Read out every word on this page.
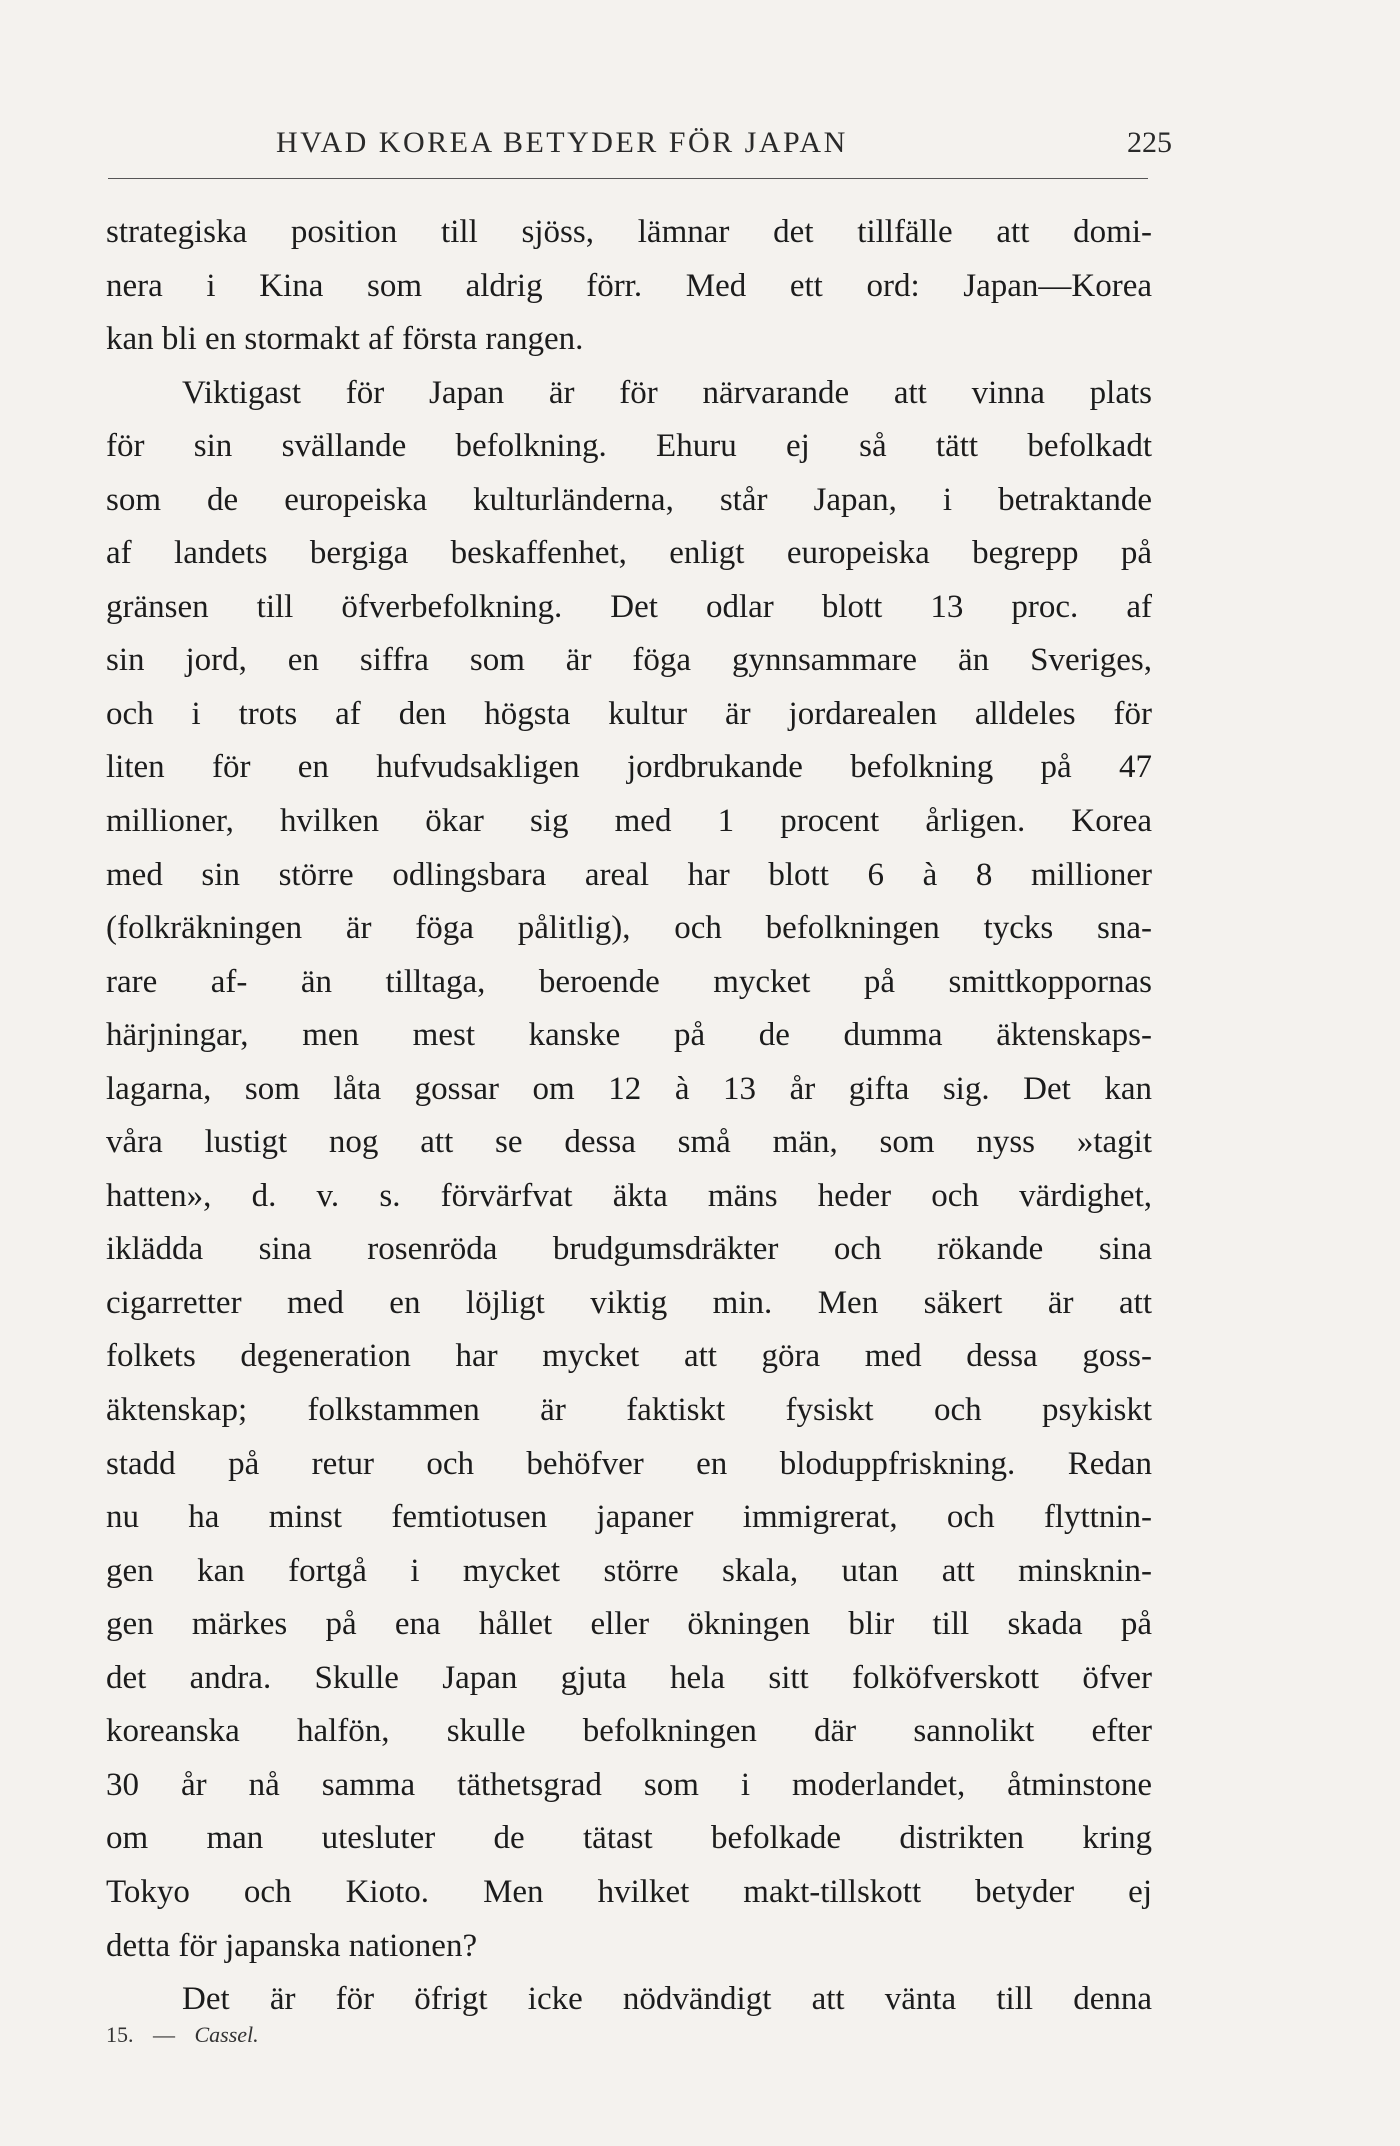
HVAD KOREA BETYDER FÖR JAPAN	225
strategiska position till sjöss, lämnar det tillfälle att domi-
nera i Kina som aldrig förr. Med ett ord: Japan—Korea
kan bli en stormakt af första rangen.
Viktigast för Japan är för närvarande att vinna plats
för sin svällande befolkning. Ehuru ej så tätt befolkadt
som de europeiska kulturländerna, står Japan, i betraktande
af landets bergiga beskaffenhet, enligt europeiska begrepp på
gränsen till öfverbefolkning. Det odlar blott 13 proc. af
sin jord, en siffra som är föga gynnsammare än Sveriges,
och i trots af den högsta kultur är jordarealen alldeles för
liten för en hufvudsakligen jordbrukande befolkning på 47
millioner, hvilken ökar sig med 1 procent årligen. Korea
med sin större odlingsbara areal har blott 6 à 8 millioner
(folkräkningen är föga pålitlig), och befolkningen tycks sna-
rare af- än tilltaga, beroende mycket på smittkoppornas
härjningar, men mest kanske på de dumma äktenskaps-
lagarna, som låta gossar om 12 à 13 år gifta sig. Det kan
våra lustigt nog att se dessa små män, som nyss »tagit
hatten», d. v. s. förvärfvat äkta mäns heder och värdighet,
iklädda sina rosenröda brudgumsdräkter och rökande sina
cigarretter med en löjligt viktig min. Men säkert är att
folkets degeneration har mycket att göra med dessa goss-
äktenskap; folkstammen är faktiskt fysiskt och psykiskt
stadd på retur och behöfver en bloduppfriskning. Redan
nu ha minst femtiotusen japaner immigrerat, och flyttnin-
gen kan fortgå i mycket större skala, utan att minsknin-
gen märkes på ena hållet eller ökningen blir till skada på
det andra. Skulle Japan gjuta hela sitt folköfverskott öfver
koreanska halfön, skulle befolkningen där sannolikt efter
30 år nå samma täthetsgrad som i moderlandet, åtminstone
om man utesluter de tätast befolkade distrikten kring
Tokyo och Kioto. Men hvilket makt-tillskott betyder ej
detta för japanska nationen?
Det är för öfrigt icke nödvändigt att vänta till denna
15. — Cassel.
